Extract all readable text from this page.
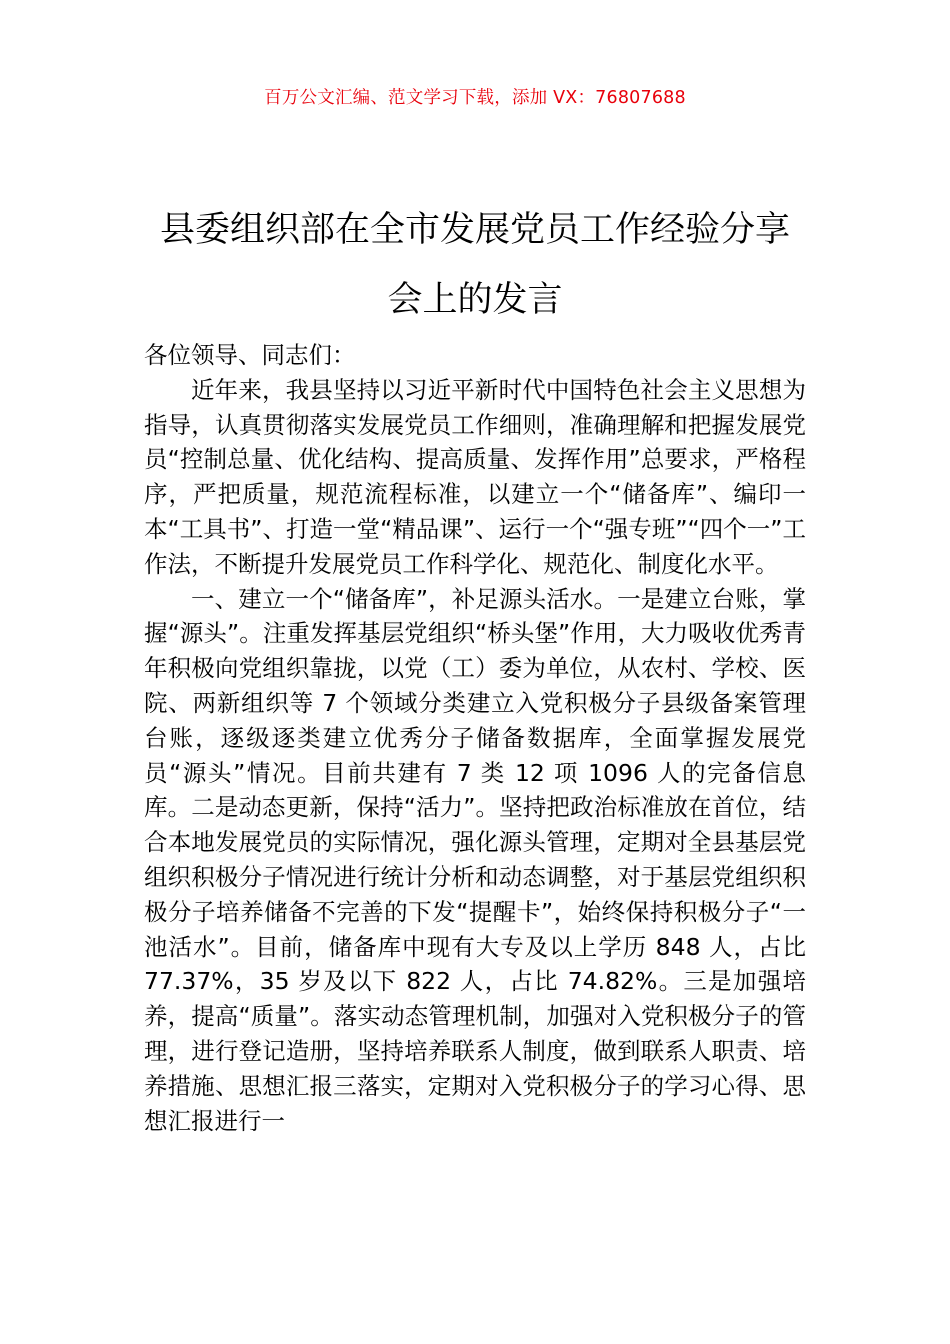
百万公文汇编、范文学习下载，添加 VX：76807688
县委组织部在全市发展党员工作经验分享
会上的发言

各位领导、同志们：

近年来，我县坚持以习近平新时代中国特色社会主义思想为指导，认真贯彻落实发展党员工作细则，准确理解和把握发展党员“控制总量、优化结构、提高质量、发挥作用”总要求，严格程序，严把质量，规范流程标准，以建立一个“储备库”、编印一本“工具书”、打造一堂“精品课”、运行一个“强专班”“四个一”工作法，不断提升发展党员工作科学化、规范化、制度化水平。

一、建立一个“储备库”，补足源头活水。一是建立台账，掌握“源头”。注重发挥基层党组织“桥头堡”作用，大力吸收优秀青年积极向党组织靠拢，以党（工）委为单位，从农村、学校、医院、两新组织等 7 个领域分类建立入党积极分子县级备案管理台账，逐级逐类建立优秀分子储备数据库，全面掌握发展党员“源头”情况。目前共建有 7 类 12 项 1096 人的完备信息库。二是动态更新，保持“活力”。坚持把政治标准放在首位，结合本地发展党员的实际情况，强化源头管理，定期对全县基层党组织积极分子情况进行统计分析和动态调整，对于基层党组织积极分子培养储备不完善的下发“提醒卡”，始终保持积极分子“一池活水”。目前，储备库中现有大专及以上学历 848 人，占比 77.37%，35 岁及以下 822 人，占比 74.82%。三是加强培养，提高“质量”。落实动态管理机制，加强对入党积极分子的管理，进行登记造册，坚持培养联系人制度，做到联系人职责、培养措施、思想汇报三落实，定期对入党积极分子的学习心得、思想汇报进行一
